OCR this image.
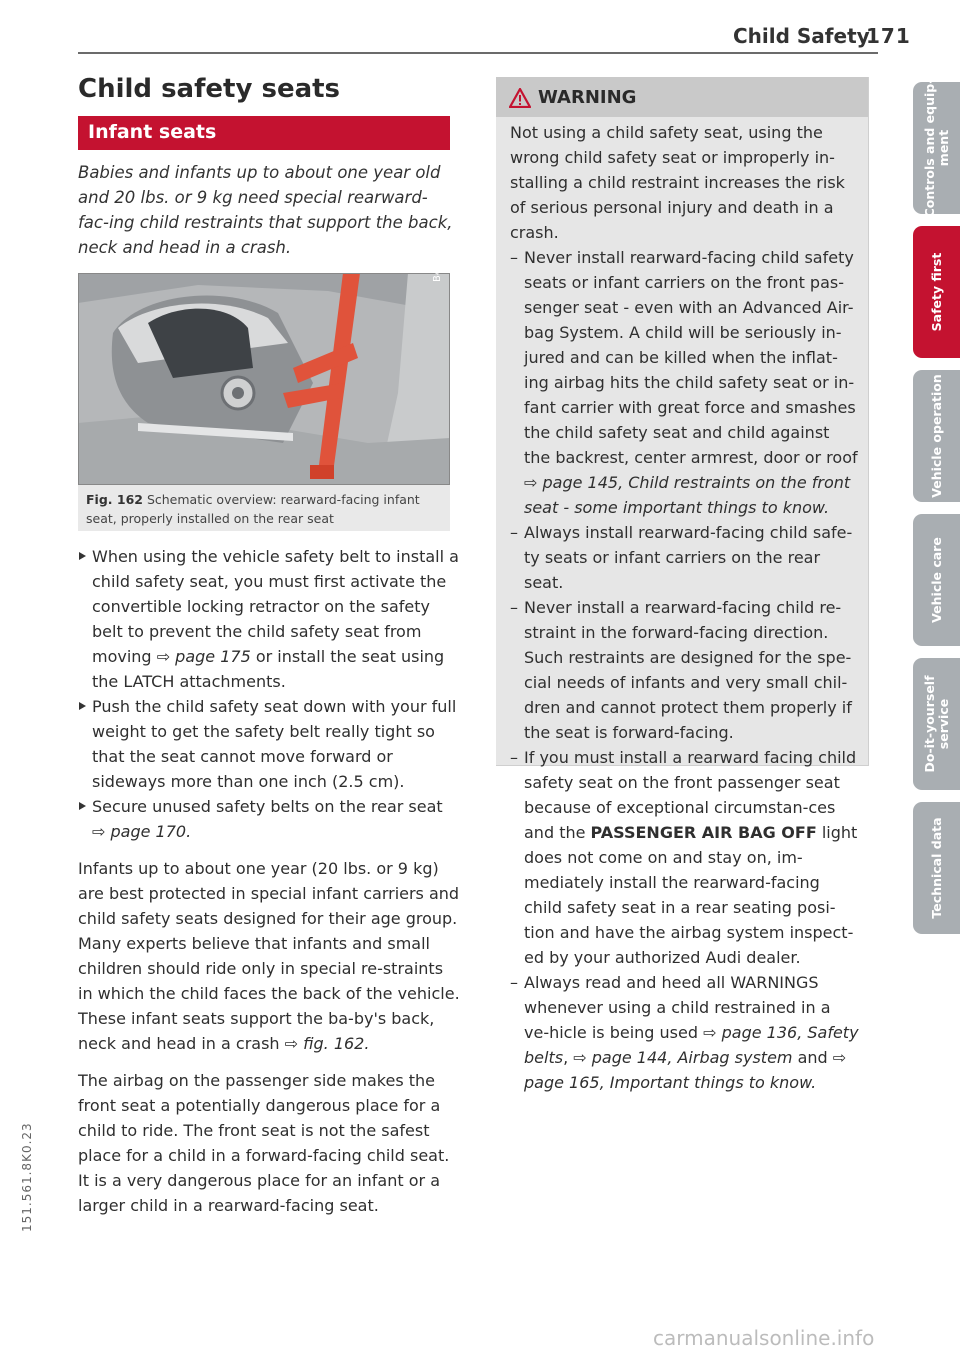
Child Safety
171
Controls and equip-
ment
Safety first
Vehicle operation
Vehicle care
Do-it-yourself
service
Technical data
Child safety seats
Infant seats
Babies and infants up to about one year old and 20 lbs. or 9 kg need special rearward-fac-ing child restraints that support the back, neck and head in a crash.	B4L-1424
Fig. 162 Schematic overview: rearward-facing infant seat, properly installed on the rear seat
When using the vehicle safety belt to install a child safety seat, you must first activate the convertible locking retractor on the safety belt to prevent the child safety seat from moving ⇨ page 175 or install the seat using the LATCH attachments.
Push the child safety seat down with your full weight to get the safety belt really tight so that the seat cannot move forward or sideways more than one inch (2.5 cm).
Secure unused safety belts on the rear seat ⇨ page 170.
Infants up to about one year (20 lbs. or 9 kg) are best protected in special infant carriers and child safety seats designed for their age group. Many experts believe that infants and small children should ride only in special re-straints in which the child faces the back of the vehicle. These infant seats support the ba-by's back, neck and head in a crash ⇨ fig. 162.
The airbag on the passenger side makes the front seat a potentially dangerous place for a child to ride. The front seat is not the safest place for a child in a forward-facing child seat. It is a very dangerous place for an infant or a larger child in a rearward-facing seat.
WARNING
Not using a child safety seat, using the wrong child safety seat or improperly in-stalling a child restraint increases the risk of serious personal injury and death in a crash.
– Never install rearward-facing child safety seats or infant carriers on the front pas-senger seat - even with an Advanced Air-bag System. A child will be seriously in-jured and can be killed when the inflat-ing airbag hits the child safety seat or in-fant carrier with great force and smashes the child safety seat and child against the backrest, center armrest, door or roof ⇨ page 145, Child restraints on the front seat - some important things to know.
– Always install rearward-facing child safe-ty seats or infant carriers on the rear seat.
– Never install a rearward-facing child re-straint in the forward-facing direction. Such restraints are designed for the spe-cial needs of infants and very small chil-dren and cannot protect them properly if the seat is forward-facing.
– If you must install a rearward facing child safety seat on the front passenger seat because of exceptional circumstan-ces and the PASSENGER AIR BAG OFF light does not come on and stay on, im-mediately install the rearward-facing child safety seat in a rear seating posi-tion and have the airbag system inspect-ed by your authorized Audi dealer.
– Always read and heed all WARNINGS whenever using a child restrained in a ve-hicle is being used ⇨ page 136, Safety belts, ⇨ page 144, Airbag system and ⇨ page 165, Important things to know.
151.561.8K0.23
carmanualsonline.info
